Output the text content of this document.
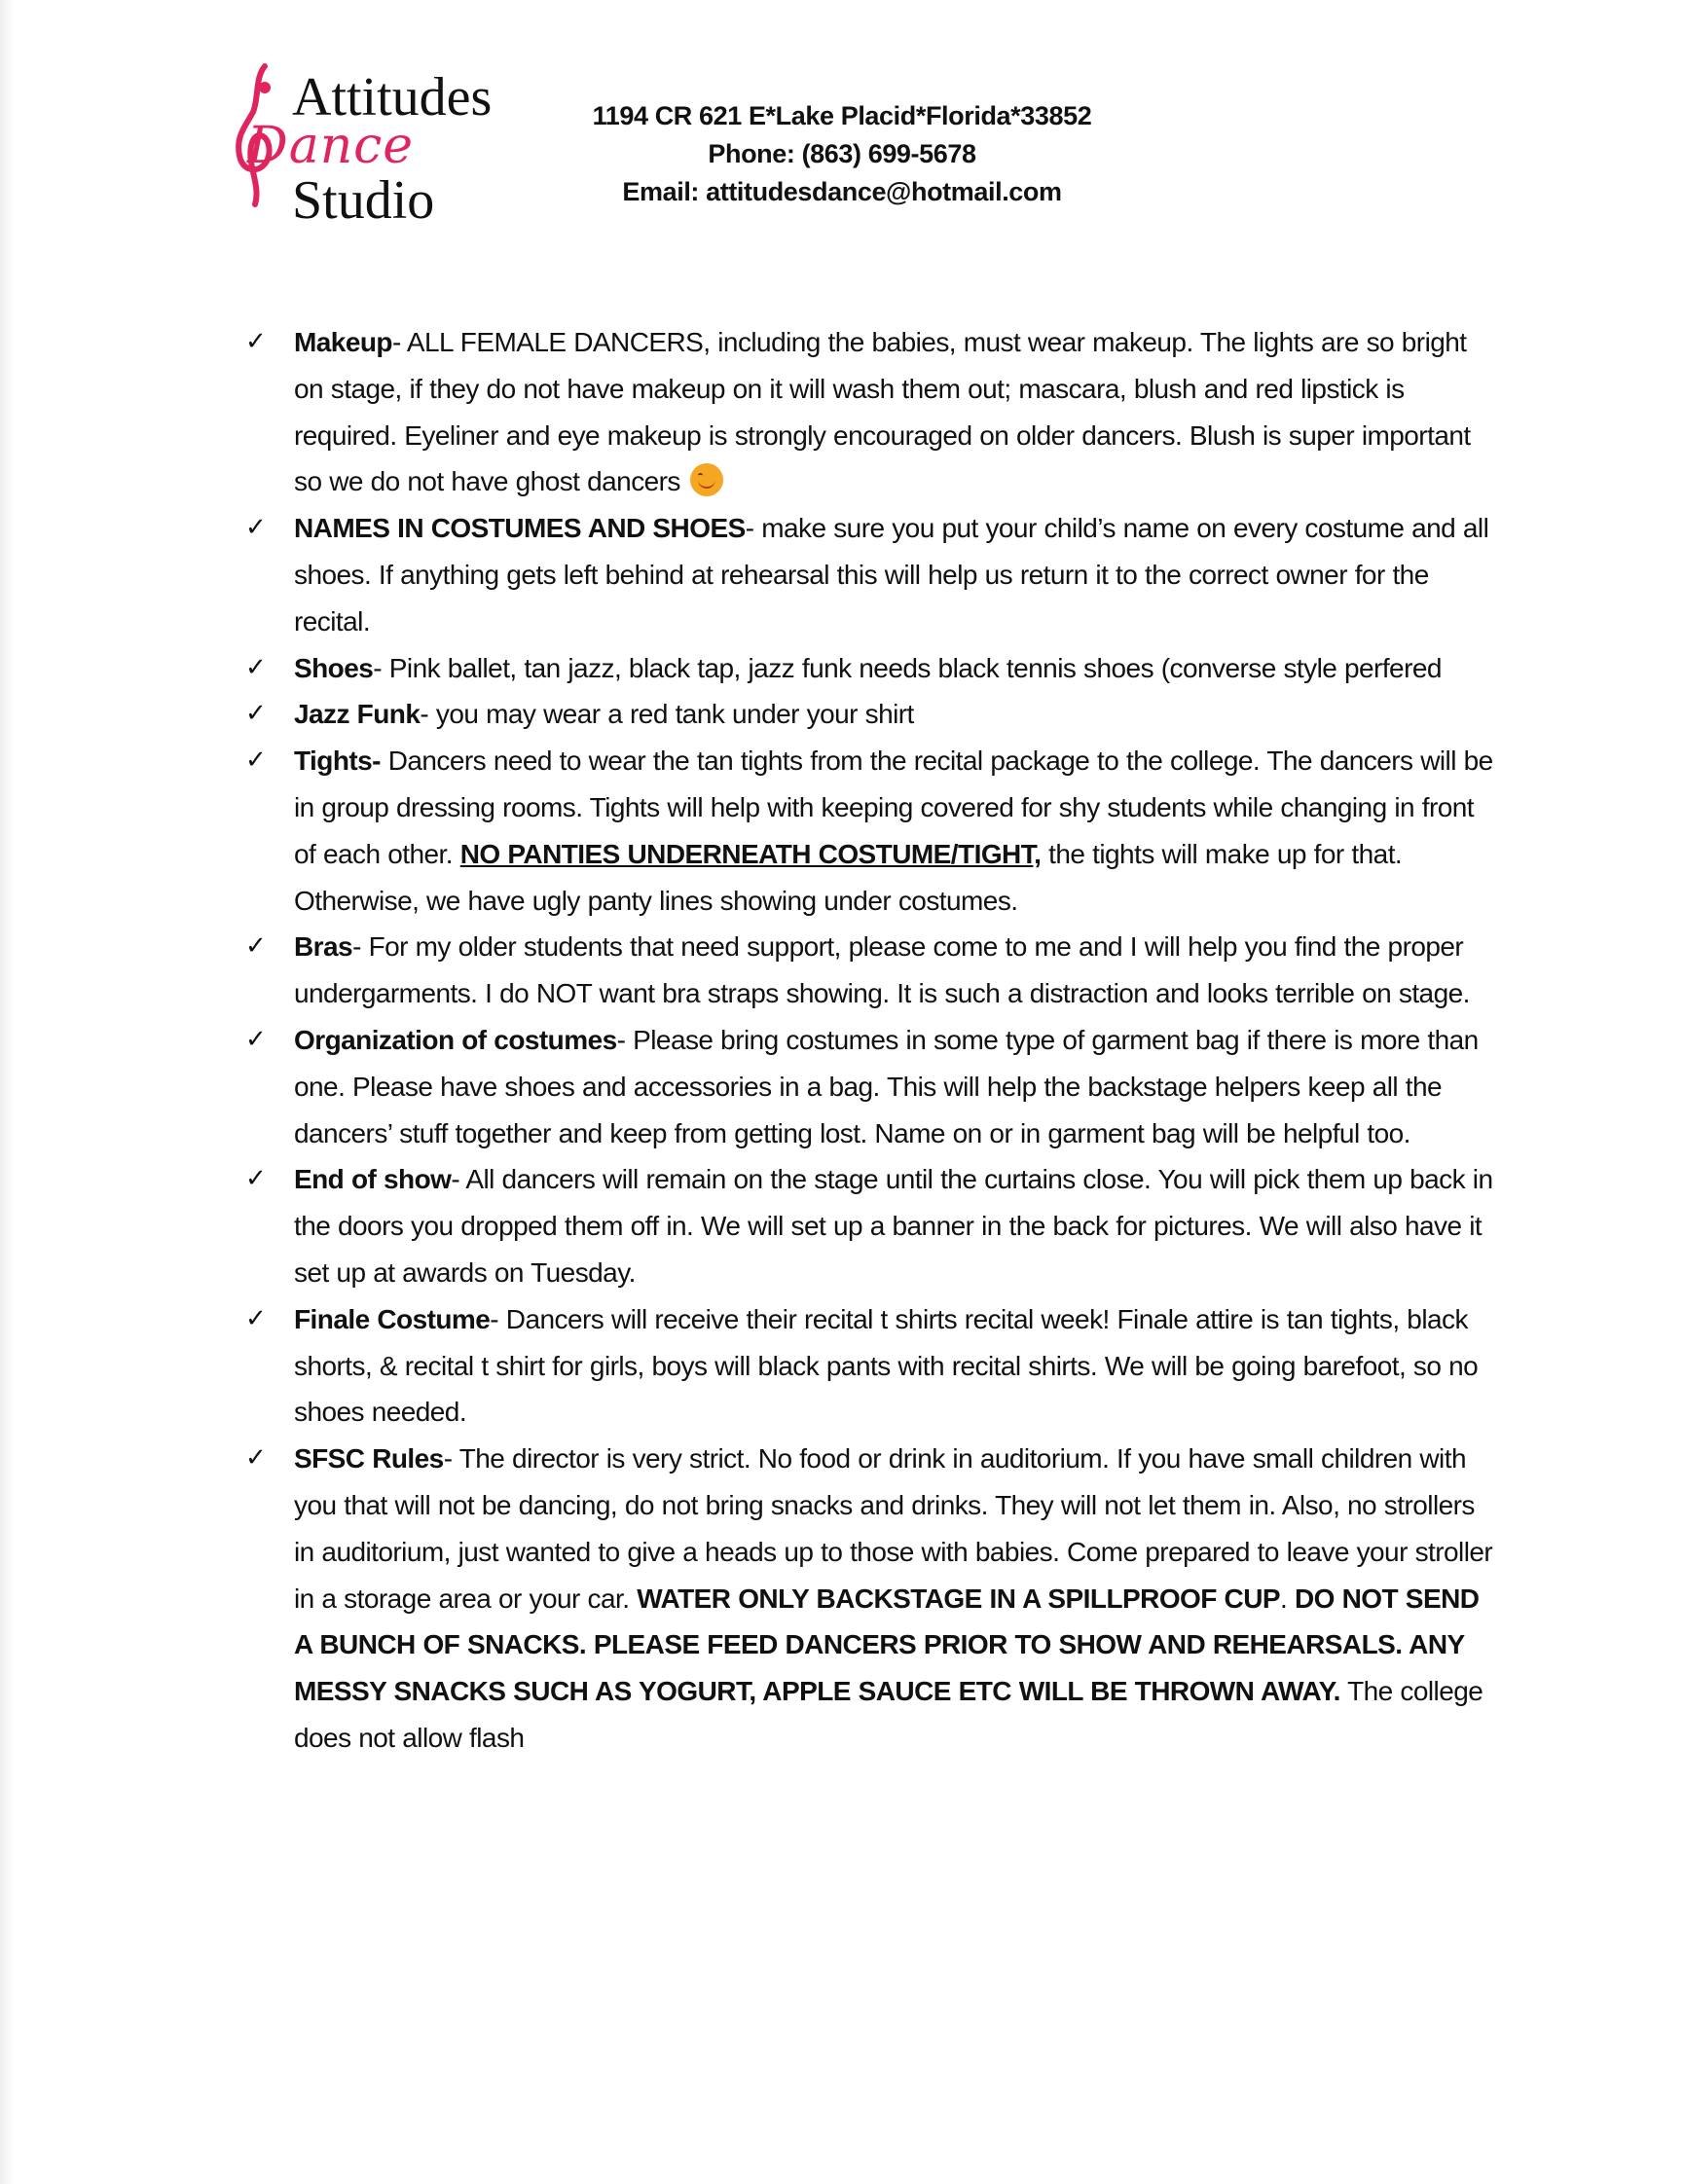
Attitudes
Dance
Studio
1194 CR 621 E*Lake Placid*Florida*33852
Phone: (863) 699-5678
Email: attitudesdance@hotmail.com
✓ Makeup- ALL FEMALE DANCERS, including the babies, must wear makeup. The lights are so bright on stage, if they do not have makeup on it will wash them out; mascara, blush and red lipstick is required. Eyeliner and eye makeup is strongly encouraged on older dancers. Blush is super important so we do not have ghost dancers
✓ NAMES IN COSTUMES AND SHOES- make sure you put your child’s name on every costume and all shoes. If anything gets left behind at rehearsal this will help us return it to the correct owner for the recital.
✓ Shoes- Pink ballet, tan jazz, black tap, jazz funk needs black tennis shoes (converse style perfered
✓ Jazz Funk- you may wear a red tank under your shirt
✓ Tights- Dancers need to wear the tan tights from the recital package to the college. The dancers will be in group dressing rooms. Tights will help with keeping covered for shy students while changing in front of each other. NO PANTIES UNDERNEATH COSTUME/TIGHT, the tights will make up for that. Otherwise, we have ugly panty lines showing under costumes.
✓ Bras- For my older students that need support, please come to me and I will help you find the proper undergarments. I do NOT want bra straps showing. It is such a distraction and looks terrible on stage.
✓ Organization of costumes- Please bring costumes in some type of garment bag if there is more than one. Please have shoes and accessories in a bag. This will help the backstage helpers keep all the dancers’ stuff together and keep from getting lost. Name on or in garment bag will be helpful too.
✓ End of show- All dancers will remain on the stage until the curtains close. You will pick them up back in the doors you dropped them off in. We will set up a banner in the back for pictures. We will also have it set up at awards on Tuesday.
✓ Finale Costume- Dancers will receive their recital t shirts recital week! Finale attire is tan tights, black shorts, & recital t shirt for girls, boys will black pants with recital shirts. We will be going barefoot, so no shoes needed.
✓ SFSC Rules- The director is very strict. No food or drink in auditorium. If you have small children with you that will not be dancing, do not bring snacks and drinks. They will not let them in. Also, no strollers in auditorium, just wanted to give a heads up to those with babies. Come prepared to leave your stroller in a storage area or your car. WATER ONLY BACKSTAGE IN A SPILLPROOF CUP. DO NOT SEND A BUNCH OF SNACKS. PLEASE FEED DANCERS PRIOR TO SHOW AND REHEARSALS. ANY MESSY SNACKS SUCH AS YOGURT, APPLE SAUCE ETC WILL BE THROWN AWAY. The college does not allow flash
